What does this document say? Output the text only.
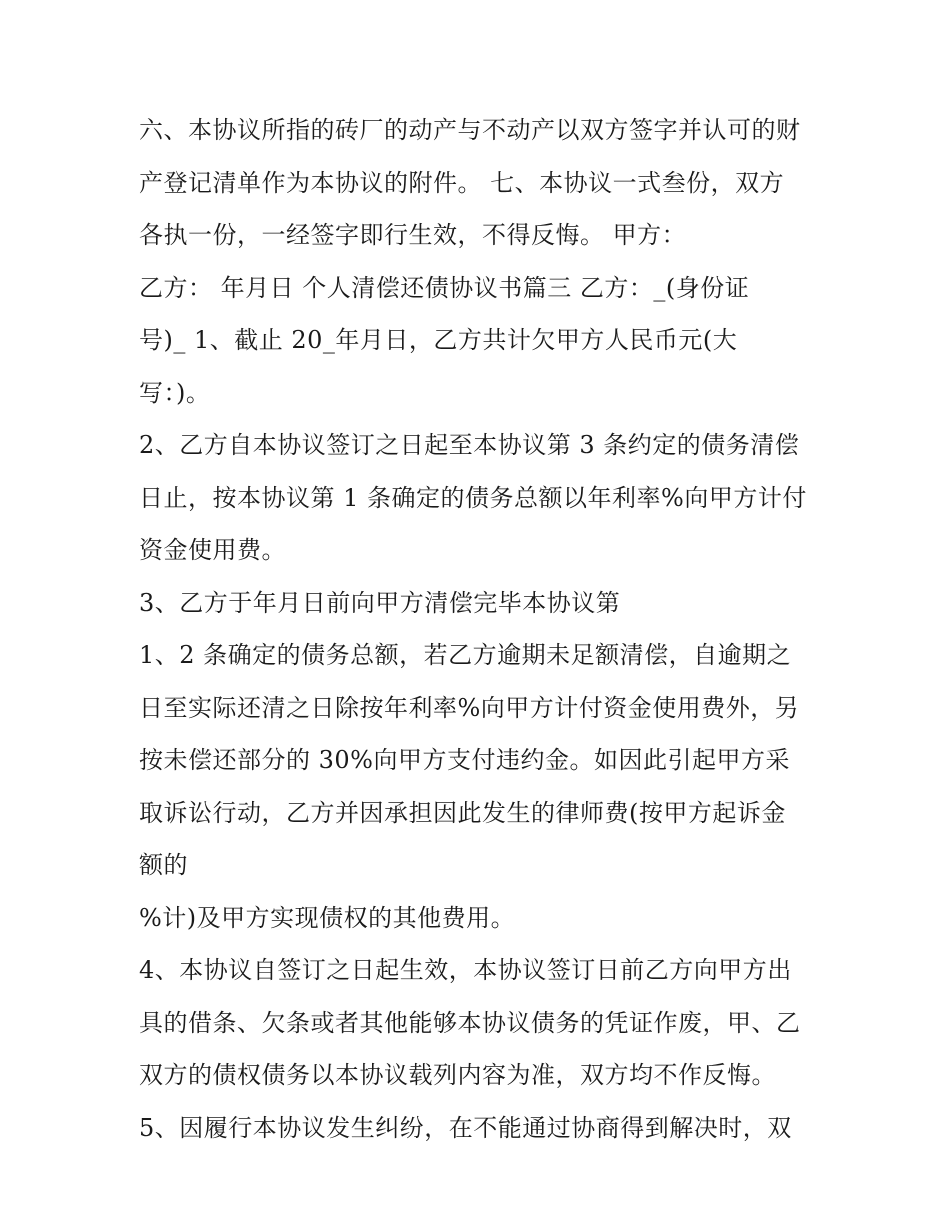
六、本协议所指的砖厂的动产与不动产以双方签字并认可的财
产登记清单作为本协议的附件。 七、本协议一式叁份，双方
各执一份，一经签字即行生效，不得反悔。 甲方：
乙方： 年月日 个人清偿还债协议书篇三 乙方：_(身份证
号)_ 1、截止 20_年月日，乙方共计欠甲方人民币元(大
写：)。
2、乙方自本协议签订之日起至本协议第 3 条约定的债务清偿
日止，按本协议第 1 条确定的债务总额以年利率%向甲方计付
资金使用费。
3、乙方于年月日前向甲方清偿完毕本协议第
1、2 条确定的债务总额，若乙方逾期未足额清偿，自逾期之
日至实际还清之日除按年利率%向甲方计付资金使用费外，另
按未偿还部分的 30%向甲方支付违约金。如因此引起甲方采
取诉讼行动，乙方并因承担因此发生的律师费(按甲方起诉金
额的
%计)及甲方实现债权的其他费用。
4、本协议自签订之日起生效，本协议签订日前乙方向甲方出
具的借条、欠条或者其他能够本协议债务的凭证作废，甲、乙
双方的债权债务以本协议载列内容为准，双方均不作反悔。
5、因履行本协议发生纠纷，在不能通过协商得到解决时，双
